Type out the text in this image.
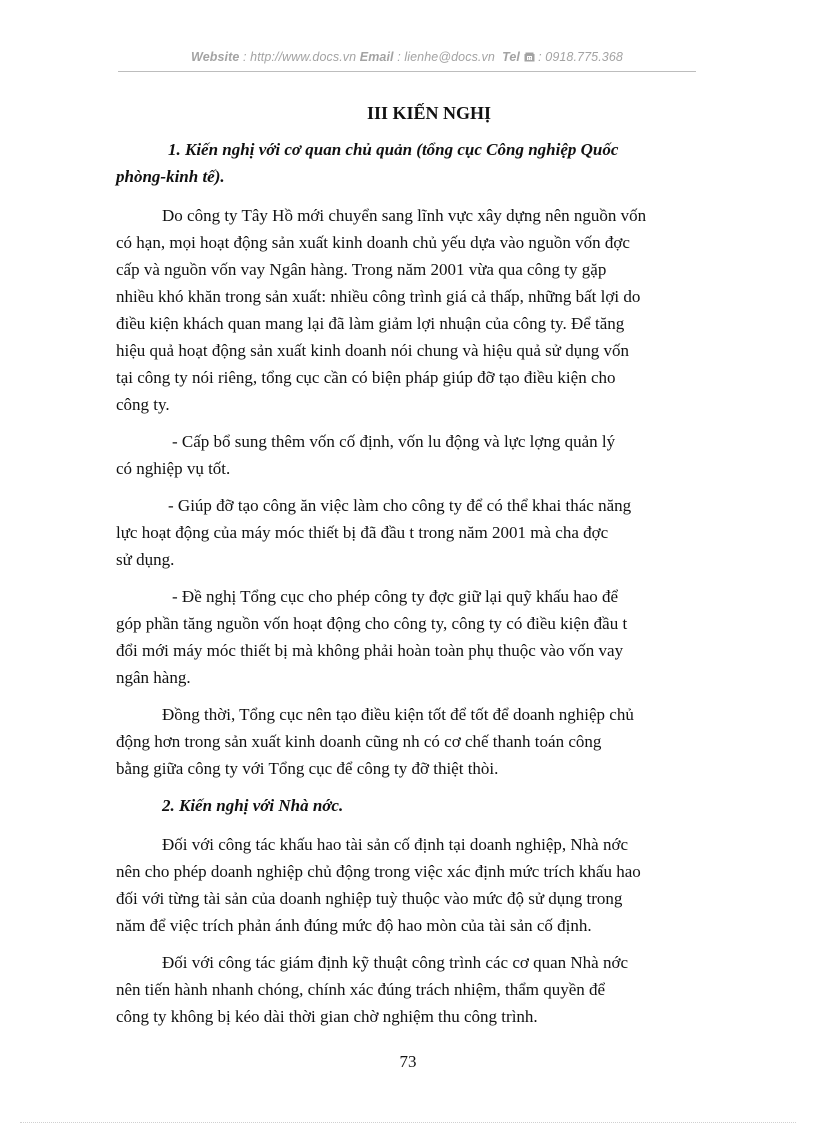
Website : http://www.docs.vn Email : lienhe@docs.vn Tel : 0918.775.368
III KIẾN NGHỊ
1. Kiến nghị với cơ quan chủ quản (tổng cục Công nghiệp Quốc
phòng-kinh tế).
Do công ty Tây Hồ mới chuyển sang lĩnh vực xây dựng nên nguồn vốn
có hạn, mọi hoạt động sản xuất kinh doanh chủ yếu dựa vào nguồn vốn đợc
cấp và nguồn vốn vay Ngân hàng. Trong năm 2001 vừa qua công ty gặp
nhiều khó khăn trong sản xuất: nhiều công trình giá cả thấp, những bất lợi do
điều kiện khách quan mang lại đã làm giảm lợi nhuận của công ty. Để tăng
hiệu quả hoạt động sản xuất kinh doanh nói chung và hiệu quả sử dụng vốn
tại công ty nói riêng, tổng cục cần có biện pháp giúp đỡ tạo điều kiện cho
công ty.
- Cấp bổ sung thêm vốn cố định, vốn lu động và lực lợng quản lý
có nghiệp vụ tốt.
- Giúp đỡ tạo công ăn việc làm cho công ty để có thể khai thác năng
lực hoạt động của máy móc thiết bị đã đầu t trong năm 2001 mà cha đợc
sử dụng.
- Đề nghị Tổng cục cho phép công ty đợc giữ lại quỹ khấu hao để
góp phần tăng nguồn vốn hoạt động cho công ty, công ty có điều kiện đầu t
đổi mới máy móc thiết bị mà không phải hoàn toàn phụ thuộc vào vốn vay
ngân hàng.
Đồng thời, Tổng cục nên tạo điều kiện tốt để tốt để doanh nghiệp chủ
động hơn trong sản xuất kinh doanh cũng nh có cơ chế thanh toán công
bằng giữa công ty với Tổng cục để công ty đỡ thiệt thòi.
2. Kiến nghị với Nhà nớc.
Đối với công tác khấu hao tài sản cố định tại doanh nghiệp, Nhà nớc
nên cho phép doanh nghiệp chủ động trong việc xác định mức trích khấu hao
đối với từng tài sản của doanh nghiệp tuỳ thuộc vào mức độ sử dụng trong
năm để việc trích phản ánh đúng mức độ hao mòn của tài sản cố định.
Đối với công tác giám định kỹ thuật công trình các cơ quan Nhà nớc
nên tiến hành nhanh chóng, chính xác đúng trách nhiệm, thẩm quyền để
công ty không bị kéo dài thời gian chờ nghiệm thu công trình.
73
